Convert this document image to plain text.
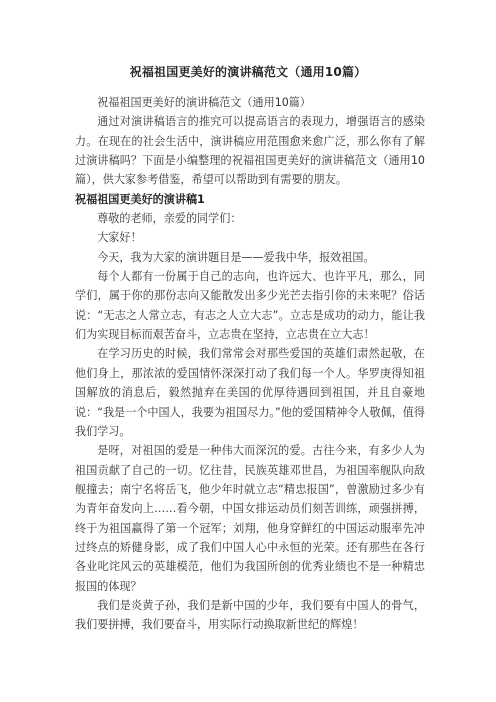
祝福祖国更美好的演讲稿范文（通用10篇）

祝福祖国更美好的演讲稿范文（通用10篇）

通过对演讲稿语言的推究可以提高语言的表现力，增强语言的感染力。在现在的社会生活中，演讲稿应用范围愈来愈广泛，那么你有了解过演讲稿吗？下面是小编整理的祝福祖国更美好的演讲稿范文（通用10篇），供大家参考借鉴，希望可以帮助到有需要的朋友。

祝福祖国更美好的演讲稿1

尊敬的老师，亲爱的同学们：

大家好！

今天，我为大家的演讲题目是——爱我中华，报效祖国。

每个人都有一份属于自己的志向，也许远大、也许平凡，那么，同学们，属于你的那份志向又能散发出多少光芒去指引你的未来呢？俗话说：“无志之人常立志，有志之人立大志”。立志是成功的动力，能让我们为实现目标而艰苦奋斗，立志贵在坚持，立志贵在立大志！

在学习历史的时候，我们常常会对那些爱国的英雄们肃然起敬，在他们身上，那浓浓的爱国情怀深深打动了我们每一个人。华罗庚得知祖国解放的消息后，毅然抛弃在美国的优厚待遇回到祖国，并且自豪地说：“我是一个中国人，我要为祖国尽力。”他的爱国精神令人敬佩，值得我们学习。

是呀，对祖国的爱是一种伟大而深沉的爱。古往今来，有多少人为祖国贡献了自己的一切。忆往昔，民族英雄邓世昌，为祖国率舰队向敌舰撞去；南宁名将岳飞，他少年时就立志“精忠报国”，曾激励过多少有为青年奋发向上……看今朝，中国女排运动员们刻苦训练，顽强拼搏，终于为祖国赢得了第一个冠军；刘翔，他身穿鲜红的中国运动服率先冲过终点的矫健身影，成了我们中国人心中永恒的光荣。还有那些在各行各业叱诧风云的英雄模范，他们为我国所创的优秀业绩也不是一种精忠报国的体现？

我们是炎黄子孙，我们是新中国的少年，我们要有中国人的骨气，我们要拼搏，我们要奋斗，用实际行动换取新世纪的辉煌！
